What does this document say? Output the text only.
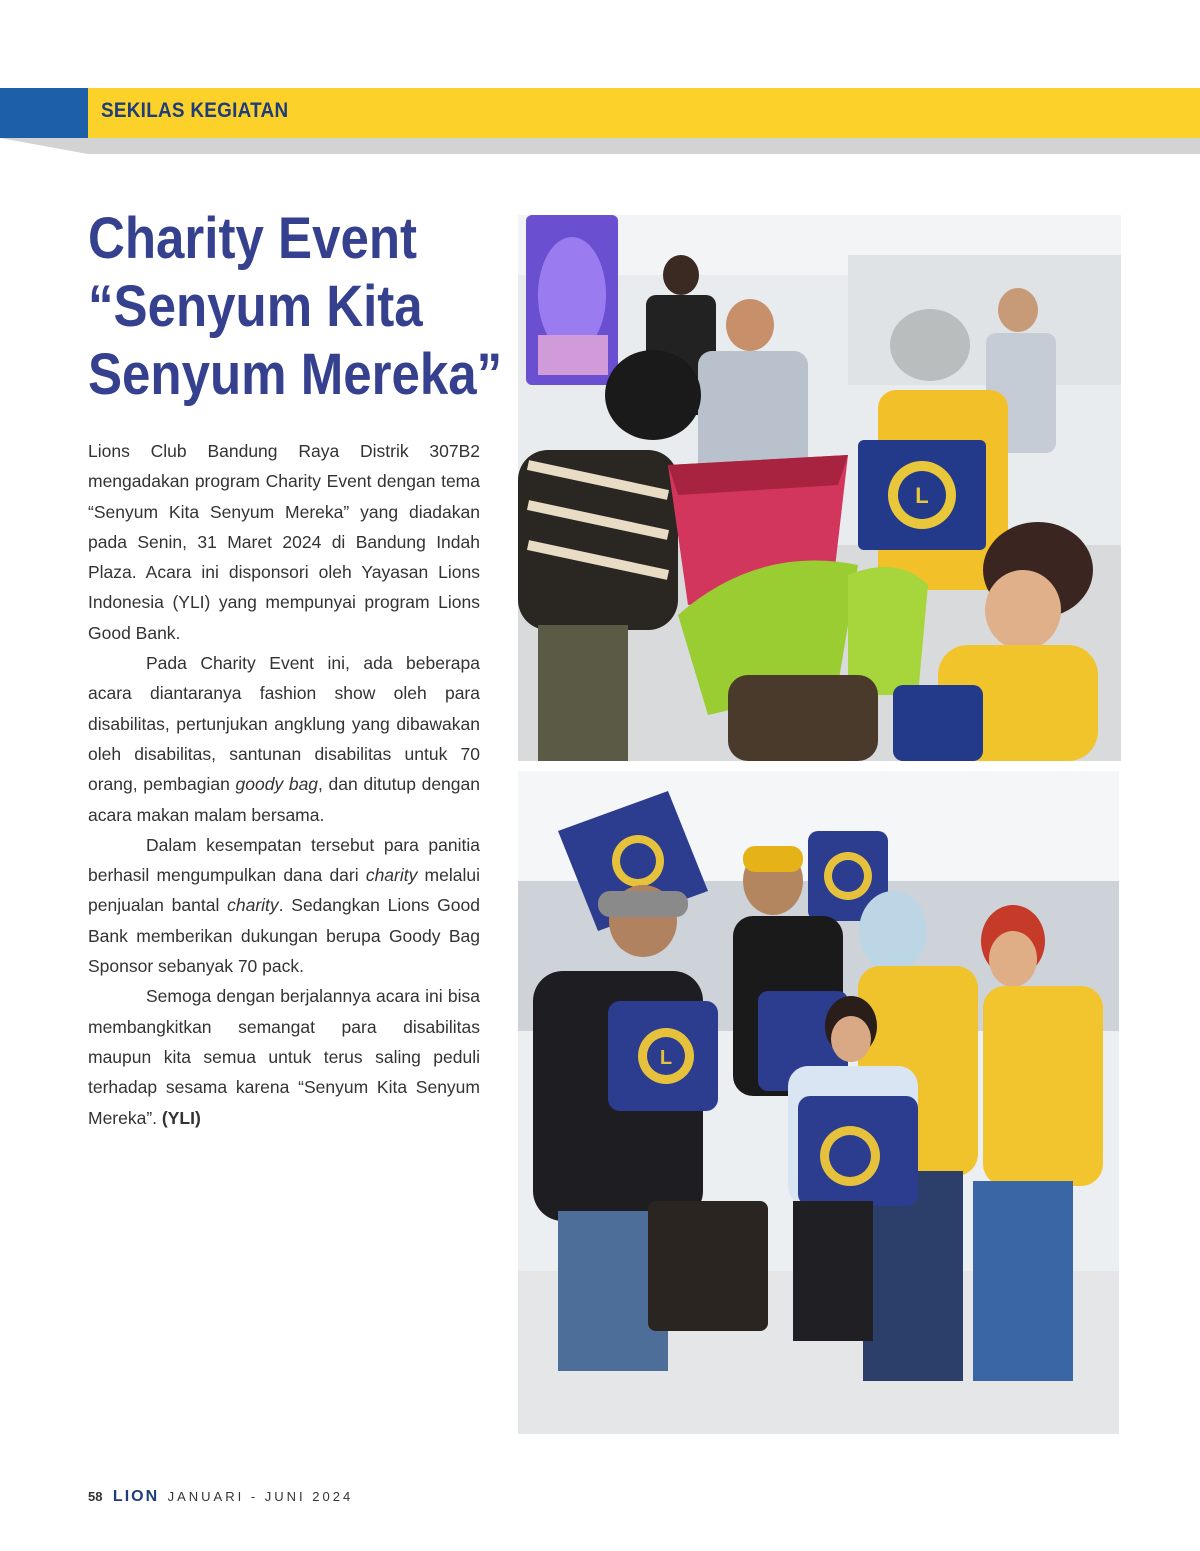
SEKILAS KEGIATAN
Charity Event
“Senyum Kita
Senyum Mereka”

Lions Club Bandung Raya Distrik 307B2 mengadakan program Charity Event dengan tema “Senyum Kita Senyum Mereka” yang diadakan pada Senin, 31 Maret 2024 di Bandung Indah Plaza. Acara ini disponsori oleh Yayasan Lions Indonesia (YLI) yang mempunyai program Lions Good Bank.

Pada Charity Event ini, ada beberapa acara diantaranya fashion show oleh para disabilitas, pertunjukan angklung yang dibawakan oleh disabilitas, santunan disabilitas untuk 70 orang, pembagian goody bag, dan ditutup dengan acara makan malam bersama.

Dalam kesempatan tersebut para panitia berhasil mengumpulkan dana dari charity melalui penjualan bantal charity. Sedangkan Lions Good Bank memberikan dukungan berupa Goody Bag Sponsor sebanyak 70 pack.

Semoga dengan berjalannya acara ini bisa membangkitkan semangat para disabilitas maupun kita semua untuk terus saling peduli terhadap sesama karena “Senyum Kita Senyum Mereka”. (YLI)

L
L
58 LION JANUARI - JUNI 2024
